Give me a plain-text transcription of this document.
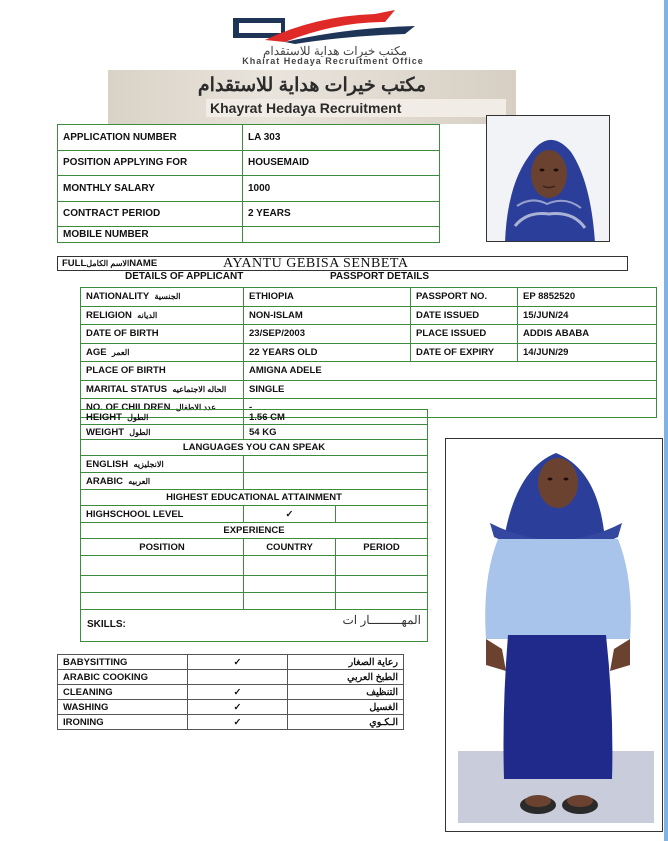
مكتب خيرات هداية للاستقدام
Khairat Hedaya Recruitment Office
مكتب خيرات هداية للاستقدام
Khayrat Hedaya Recruitment
APPLICATION NUMBER	LA 303
POSITION APPLYING FOR	HOUSEMAID
MONTHLY SALARY	1000
CONTRACT PERIOD	2 YEARS
MOBILE NUMBER	
FULLالاسم الكاملNAME	AYANTU GEBISA SENBETA
DETAILS OF APPLICANT	PASSPORT DETAILS
NATIONALITY الجنسية	ETHIOPIA	PASSPORT NO.	EP 8852520
RELIGION الديانه	NON-ISLAM	DATE ISSUED	15/JUN/24
DATE OF BIRTH	23/SEP/2003	PLACE ISSUED	ADDIS ABABA
AGE العمر	22 YEARS OLD	DATE OF EXPIRY	14/JUN/29
PLACE OF BIRTH	AMIGNA ADELE		
MARITAL STATUS الحاله الاجتماعيه	SINGLE		
NO. OF CHILDREN عدد الاطفال	-		
HEIGHT الطول	1.56 CM	
WEIGHT الطول	54 KG	
LANGUAGES YOU CAN SPEAK		
ENGLISH الانجليزيه		
ARABIC العربيه		
HIGHEST EDUCATIONAL ATTAINMENT		
HIGHSCHOOL LEVEL	✓	
EXPERIENCE		
POSITION	COUNTRY	PERIOD

SKILLS:	المهـــــــــار ات
BABYSITTING	✓	رعاية الصغار
ARABIC COOKING		الطبخ العربي
CLEANING	✓	التنظيف
WASHING	✓	الغسيل
IRONING	✓	الـكـوي
